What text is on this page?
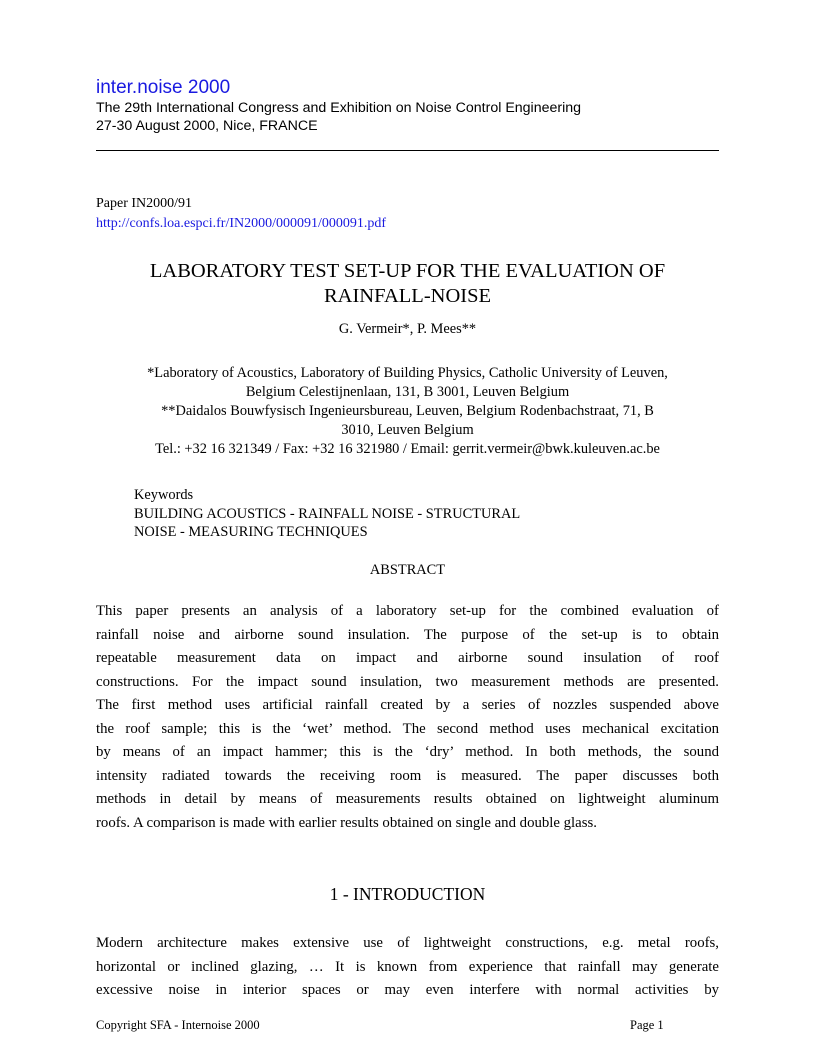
inter.noise 2000
The 29th International Congress and Exhibition on Noise Control Engineering
27-30 August 2000, Nice, FRANCE
Paper IN2000/91
http://confs.loa.espci.fr/IN2000/000091/000091.pdf
LABORATORY TEST SET-UP FOR THE EVALUATION OF
RAINFALL-NOISE
G. Vermeir*, P. Mees**
*Laboratory of Acoustics, Laboratory of Building Physics, Catholic University of Leuven,
Belgium Celestijnenlaan, 131, B 3001, Leuven Belgium
**Daidalos Bouwfysisch Ingenieursbureau, Leuven, Belgium Rodenbachstraat, 71, B
3010, Leuven Belgium
Tel.: +32 16 321349 / Fax: +32 16 321980 / Email: gerrit.vermeir@bwk.kuleuven.ac.be
Keywords
BUILDING ACOUSTICS - RAINFALL NOISE - STRUCTURAL
NOISE - MEASURING TECHNIQUES
ABSTRACT
This paper presents an analysis of a laboratory set-up for the combined evaluation of
rainfall noise and airborne sound insulation. The purpose of the set-up is to obtain
repeatable measurement data on impact and airborne sound insulation of roof
constructions. For the impact sound insulation, two measurement methods are presented.
The first method uses artificial rainfall created by a series of nozzles suspended above
the roof sample; this is the ‘wet’ method. The second method uses mechanical excitation
by means of an impact hammer; this is the ‘dry’ method. In both methods, the sound
intensity radiated towards the receiving room is measured. The paper discusses both
methods in detail by means of measurements results obtained on lightweight aluminum
roofs. A comparison is made with earlier results obtained on single and double glass.
1 - INTRODUCTION
Modern architecture makes extensive use of lightweight constructions, e.g. metal roofs,
horizontal or inclined glazing, … It is known from experience that rainfall may generate
excessive noise in interior spaces or may even interfere with normal activities by
Copyright SFA - Internoise 2000	Page 1
